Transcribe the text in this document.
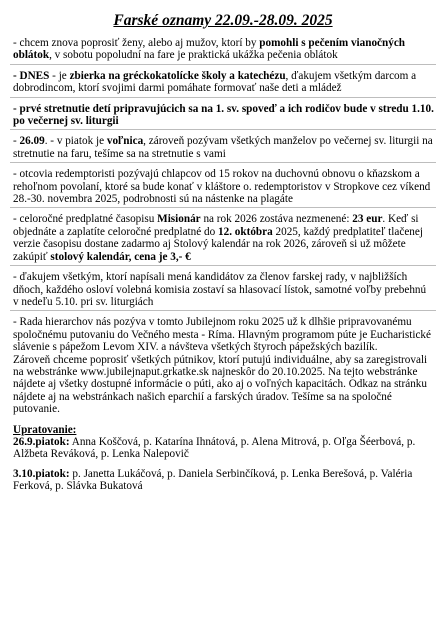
Farské oznamy 22.09.-28.09. 2025

- chcem znova poprosiť ženy, alebo aj mužov, ktorí by pomohli s pečením vianočných oblátok, v sobotu popoludní na fare je praktická ukážka pečenia oblátok

- DNES - je zbierka na gréckokatolícke školy a katechézu, ďakujem všetkým darcom a dobrodincom, ktorí svojimi darmi pomáhate formovať naše deti a mládež

- prvé stretnutie detí pripravujúcich sa na 1. sv. spoveď a ich rodičov bude v stredu 1.10. po večernej sv. liturgii

- 26.09. - v piatok je voľnica, zároveň pozývam všetkých manželov po večernej sv. liturgii na stretnutie na faru, tešíme sa na stretnutie s vami

- otcovia redemptoristi pozývajú chlapcov od 15 rokov na duchovnú obnovu o kňazskom a rehoľnom povolaní, ktoré sa bude konať v kláštore o. redemptoristov v Stropkove cez víkend 28.-30. novembra 2025, podrobnosti sú na nástenke na plagáte

- celoročné predplatné časopisu Misionár na rok 2026 zostáva nezmenené: 23 eur. Keď si objednáte a zaplatíte celoročné predplatné do 12. októbra 2025, každý predplatiteľ tlačenej verzie časopisu dostane zadarmo aj Stolový kalendár na rok 2026, zároveň si už môžete zakúpiť stolový kalendár, cena je 3,- €

- ďakujem všetkým, ktorí napísali mená kandidátov za členov farskej rady, v najbližších dňoch, každého osloví volebná komisia zostaví sa hlasovací lístok, samotné voľby prebehnú v nedeľu 5.10. pri sv. liturgiách

- Rada hierarchov nás pozýva v tomto Jubilejnom roku 2025 už k dlhšie pripravovanému spoločnému putovaniu do Večného mesta - Ríma. Hlavným programom púte je Eucharistické slávenie s pápežom Levom XIV. a návšteva všetkých štyroch pápežských bazilík.

Zároveň chceme poprosiť všetkých pútnikov, ktorí putujú individuálne, aby sa zaregistrovali na webstránke www.jubilejnaput.grkatke.sk najneskôr do 20.10.2025. Na tejto webstránke nájdete aj všetky dostupné informácie o púti, ako aj o voľných kapacitách. Odkaz na stránku nájdete aj na webstránkach našich eparchií a farských úradov. Tešíme sa na spoločné putovanie.

Upratovanie:
26.9.piatok: Anna Koščová, p. Katarína Ihnátová, p. Alena Mitrová, p. Oľga Šéerbová, p. Alžbeta Reváková, p. Lenka Nalepovič
3.10.piatok: p. Janetta Lukáčová, p. Daniela Serbinčíková, p. Lenka Berešová, p. Valéria Ferková, p. Slávka Bukatová
